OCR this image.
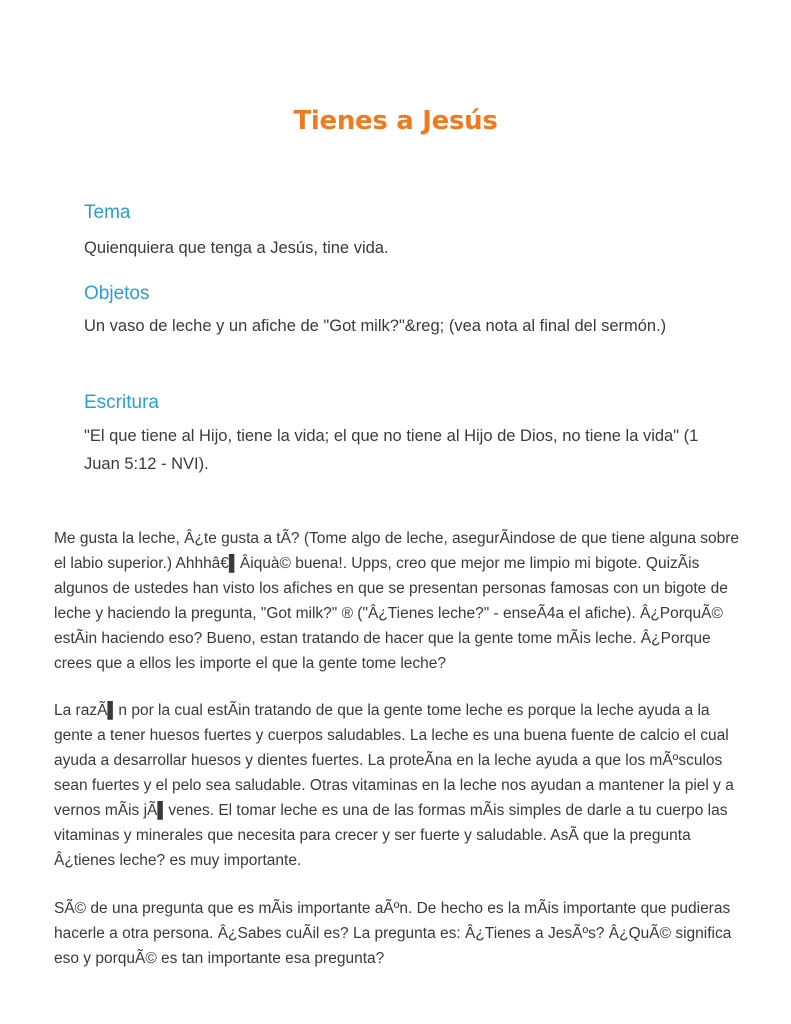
Tienes a Jesús
Tema
Quienquiera que tenga a Jesús, tine vida.
Objetos
Un vaso de leche y un afiche de "Got milk?"&reg; (vea nota al final del sermón.)
Escritura
"El que tiene al Hijo, tiene la vida; el que no tiene al Hijo de Dios, no tiene la vida" (1 Juan 5:12 - NVI).
Me gusta la leche, Â¿te gusta a tÃ? (Tome algo de leche, asegurÃindose de que tiene alguna sobre el labio superior.) Ahhhâ€▌Âiquà© buena!. Upps, creo que mejor me limpio mi bigote. QuizÃis algunos de ustedes han visto los afiches en que se presentan personas famosas con un bigote de leche y haciendo la pregunta, "Got milk?" ® ("Â¿Tienes leche?" - enseÃ4a el afiche). Â¿PorquÃ© estÃin haciendo eso? Bueno, estan tratando de hacer que la gente tome mÃis leche. Â¿Porque crees que a ellos les importe el que la gente tome leche?
La razÃ▌n por la cual estÃin tratando de que la gente tome leche es porque la leche ayuda a la gente a tener huesos fuertes y cuerpos saludables. La leche es una buena fuente de calcio el cual ayuda a desarrollar huesos y dientes fuertes. La proteÃna en la leche ayuda a que los mÃºsculos sean fuertes y el pelo sea saludable. Otras vitaminas en la leche nos ayudan a mantener la piel y a vernos mÃis jÃ▌venes. El tomar leche es una de las formas mÃis simples de darle a tu cuerpo las vitaminas y minerales que necesita para crecer y ser fuerte y saludable. AsÃ que la pregunta Â¿tienes leche? es muy importante.
SÃ© de una pregunta que es mÃis importante aÃºn. De hecho es la mÃis importante que pudieras hacerle a otra persona. Â¿Sabes cuÃil es? La pregunta es: Â¿Tienes a JesÃºs? Â¿QuÃ© significa eso y porquÃ© es tan importante esa pregunta?
